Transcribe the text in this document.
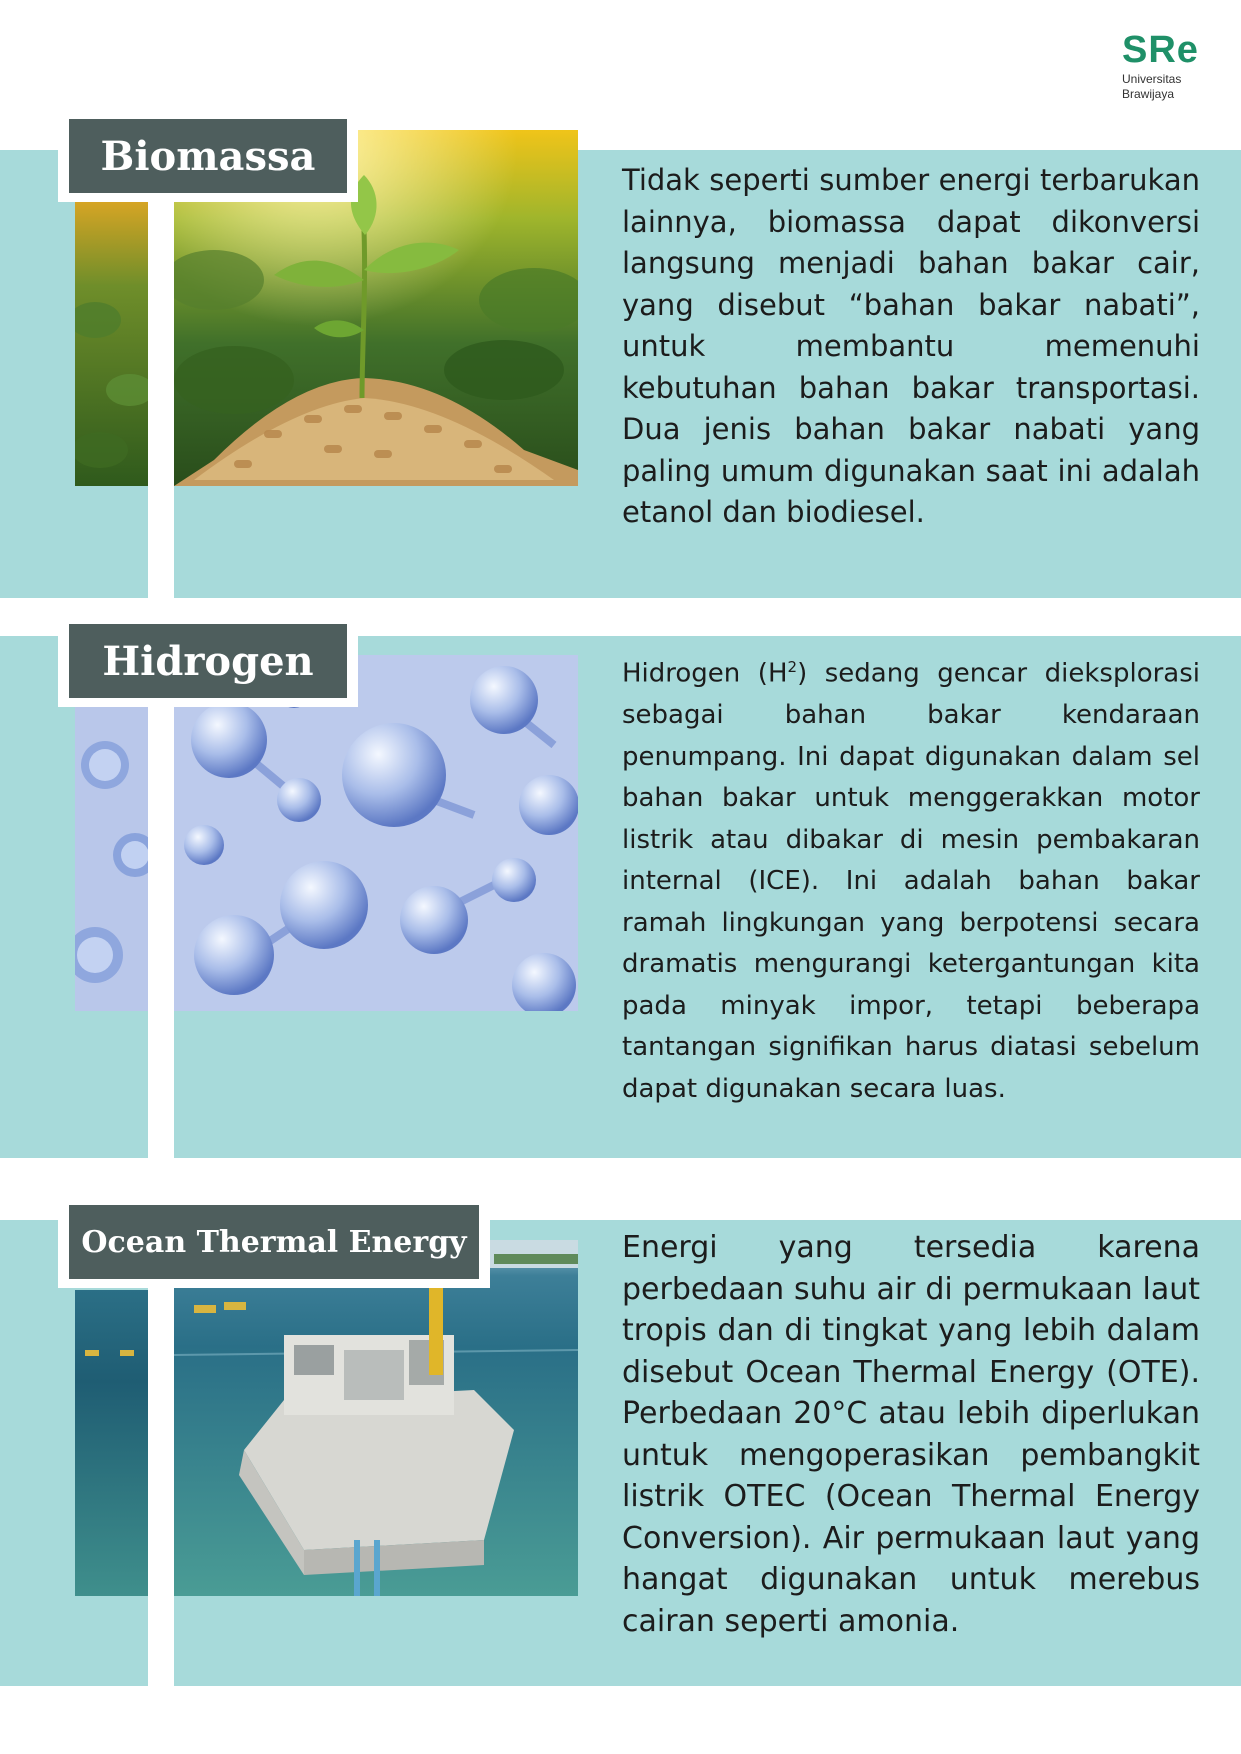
SRe
Universitas
Brawijaya
Biomassa

Tidak seperti sumber energi terbarukan lainnya, biomassa dapat dikonversi langsung menjadi bahan bakar cair, yang disebut “bahan bakar nabati”, untuk membantu memenuhi kebutuhan bahan bakar transportasi. Dua jenis bahan bakar nabati yang paling umum digunakan saat ini adalah etanol dan biodiesel.

Hidrogen	Hidrogen $(H^2)$ sedang gencar dieksplorasi sebagai bahan bakar kendaraan penumpang. Ini dapat digunakan dalam sel bahan bakar untuk menggerakkan motor listrik atau dibakar di mesin pembakaran internal (ICE). Ini adalah bahan bakar ramah lingkungan yang berpotensi secara dramatis mengurangi ketergantungan kita pada minyak impor, tetapi beberapa tantangan signifikan harus diatasi sebelum dapat digunakan secara luas.

Ocean Thermal Energy	Energi yang tersedia karena perbedaan suhu air di permukaan laut tropis dan di tingkat yang lebih dalam disebut Ocean Thermal Energy (OTE). Perbedaan 20°C atau lebih diperlukan untuk mengoperasikan pembangkit listrik OTEC (Ocean Thermal Energy Conversion). Air permukaan laut yang hangat digunakan untuk merebus cairan seperti amonia.
